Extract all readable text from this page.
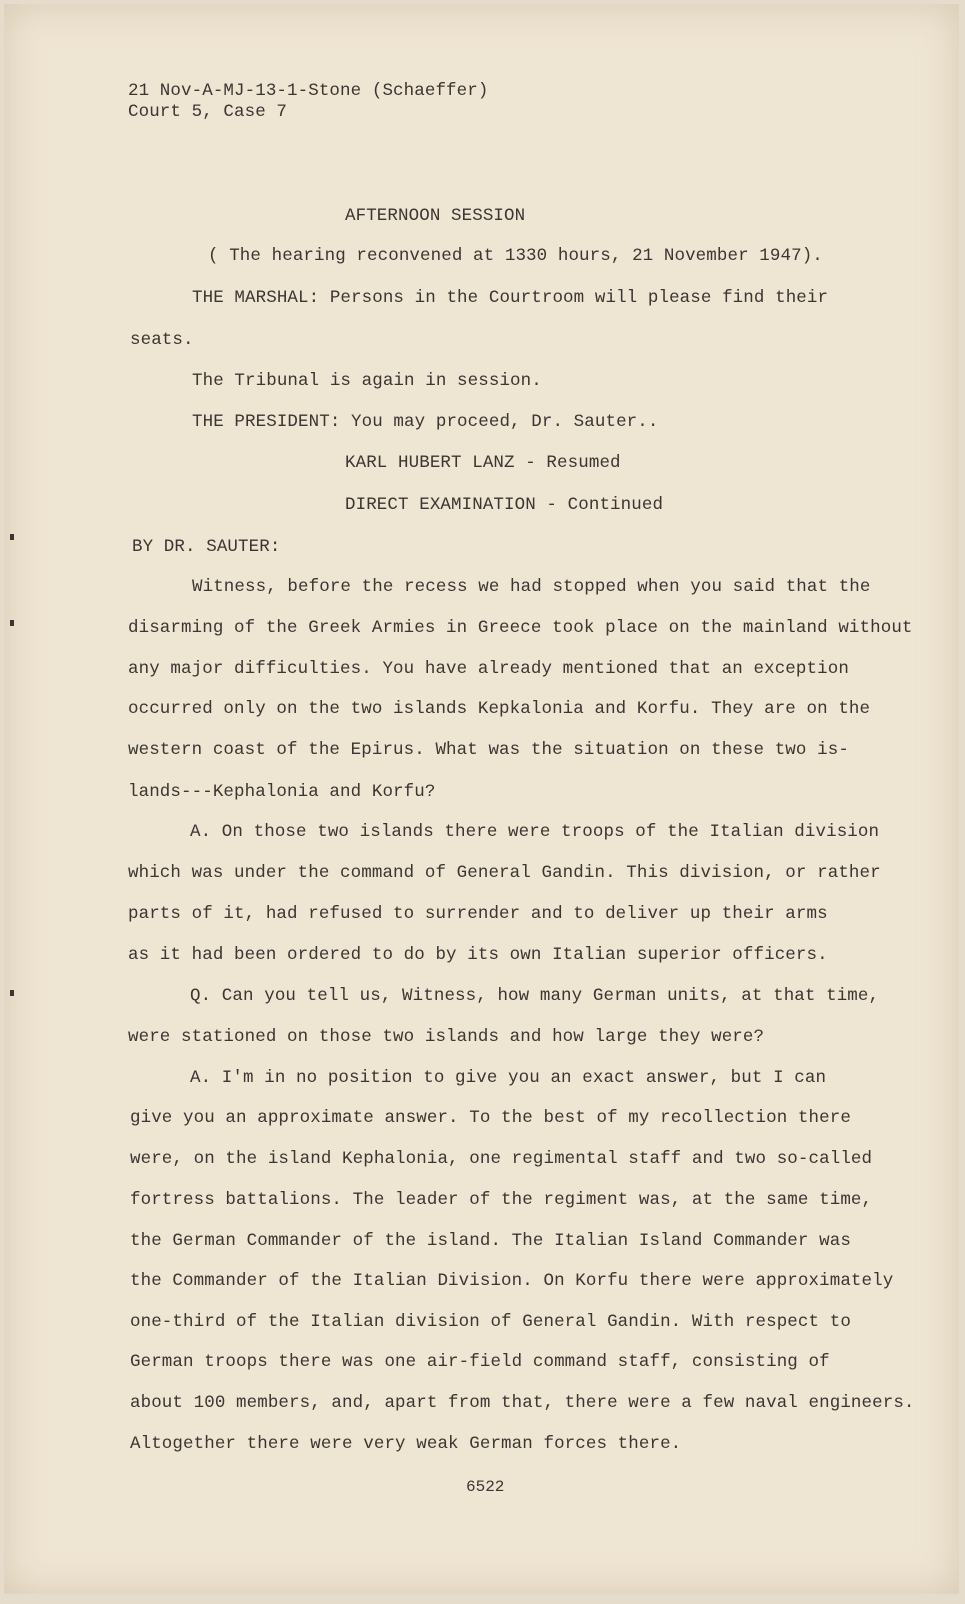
21 Nov-A-MJ-13-1-Stone (Schaeffer)
Court 5, Case 7
AFTERNOON SESSION
( The hearing reconvened at 1330 hours, 21 November 1947).
THE MARSHAL: Persons in the Courtroom will please find their
seats.
The Tribunal is again in session.
THE PRESIDENT: You may proceed, Dr. Sauter..
KARL HUBERT LANZ - Resumed
DIRECT EXAMINATION - Continued
BY DR. SAUTER:
Witness, before the recess we had stopped when you said that the
disarming of the Greek Armies in Greece took place on the mainland without
any major difficulties. You have already mentioned that an exception
occurred only on the two islands Kepkalonia and Korfu. They are on the
western coast of the Epirus. What was the situation on these two is-
lands---Kephalonia and Korfu?
A. On those two islands there were troops of the Italian division
which was under the command of General Gandin. This division, or rather
parts of it, had refused to surrender and to deliver up their arms
as it had been ordered to do by its own Italian superior officers.
Q. Can you tell us, Witness, how many German units, at that time,
were stationed on those two islands and how large they were?
A. I'm in no position to give you an exact answer, but I can
give you an approximate answer. To the best of my recollection there
were, on the island Kephalonia, one regimental staff and two so-called
fortress battalions. The leader of the regiment was, at the same time,
the German Commander of the island. The Italian Island Commander was
the Commander of the Italian Division. On Korfu there were approximately
one-third of the Italian division of General Gandin. With respect to
German troops there was one air-field command staff, consisting of
about 100 members, and, apart from that, there were a few naval engineers.
Altogether there were very weak German forces there.
6522
